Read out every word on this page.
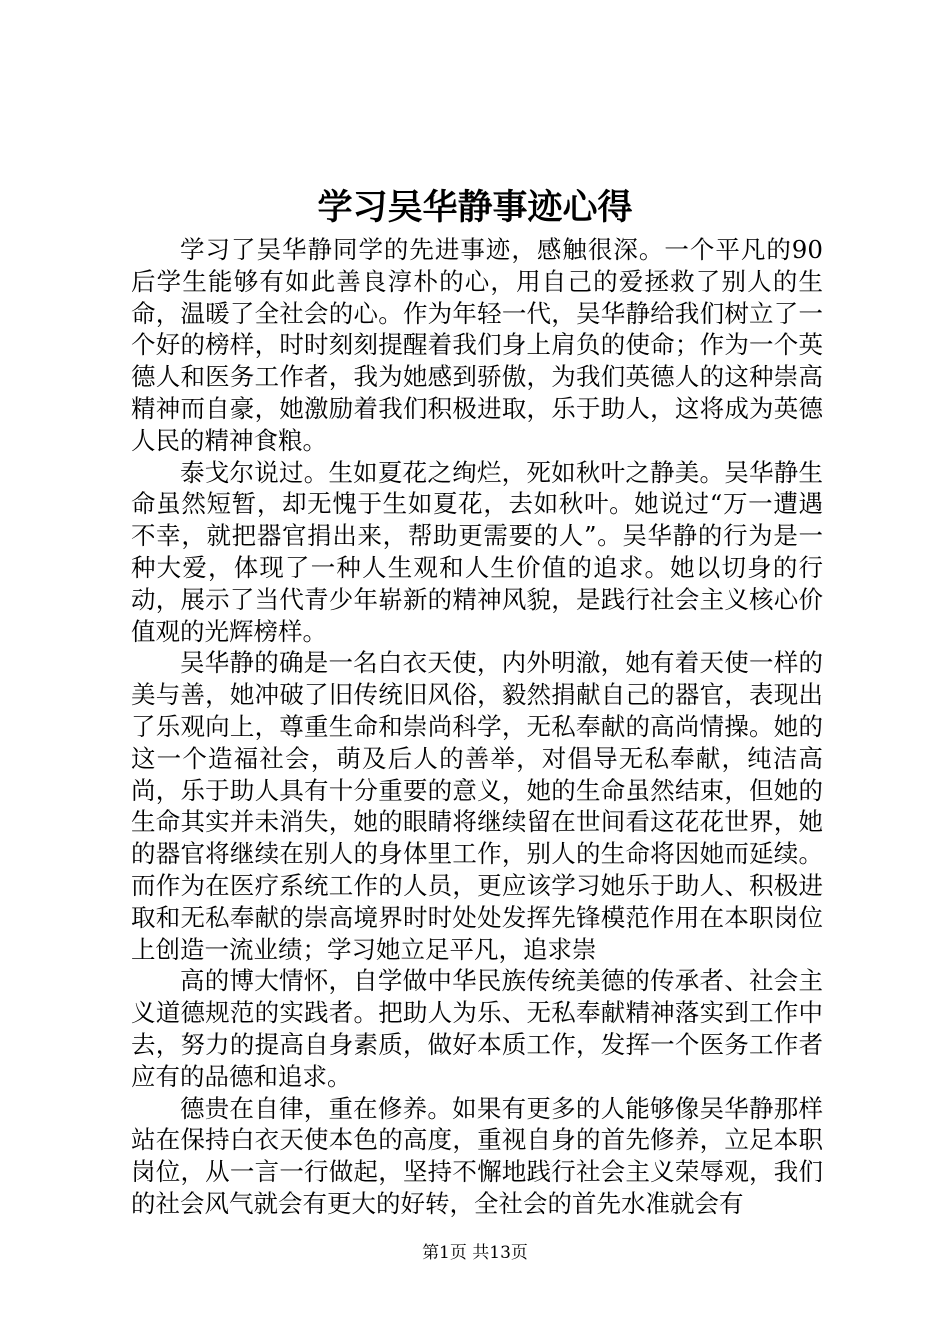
学习吴华静事迹心得

学习了吴华静同学的先进事迹，感触很深。一个平凡的90后学生能够有如此善良淳朴的心，用自己的爱拯救了别人的生命，温暖了全社会的心。作为年轻一代，吴华静给我们树立了一个好的榜样，时时刻刻提醒着我们身上肩负的使命；作为一个英德人和医务工作者，我为她感到骄傲，为我们英德人的这种崇高精神而自豪，她激励着我们积极进取，乐于助人，这将成为英德人民的精神食粮。

泰戈尔说过。生如夏花之绚烂，死如秋叶之静美。吴华静生命虽然短暂，却无愧于生如夏花，去如秋叶。她说过“万一遭遇不幸，就把器官捐出来，帮助更需要的人”。吴华静的行为是一种大爱，体现了一种人生观和人生价值的追求。她以切身的行动，展示了当代青少年崭新的精神风貌，是践行社会主义核心价值观的光辉榜样。

吴华静的确是一名白衣天使，内外明澈，她有着天使一样的美与善，她冲破了旧传统旧风俗，毅然捐献自己的器官，表现出了乐观向上，尊重生命和崇尚科学，无私奉献的高尚情操。她的这一个造福社会，萌及后人的善举，对倡导无私奉献，纯洁高尚，乐于助人具有十分重要的意义，她的生命虽然结束，但她的生命其实并未消失，她的眼睛将继续留在世间看这花花世界，她的器官将继续在别人的身体里工作，别人的生命将因她而延续。而作为在医疗系统工作的人员，更应该学习她乐于助人、积极进取和无私奉献的崇高境界时时处处发挥先锋模范作用在本职岗位上创造一流业绩；学习她立足平凡，追求崇

高的博大情怀，自学做中华民族传统美德的传承者、社会主义道德规范的实践者。把助人为乐、无私奉献精神落实到工作中去，努力的提高自身素质，做好本质工作，发挥一个医务工作者应有的品德和追求。

德贵在自律，重在修养。如果有更多的人能够像吴华静那样站在保持白衣天使本色的高度，重视自身的首先修养，立足本职岗位，从一言一行做起，坚持不懈地践行社会主义荣辱观，我们的社会风气就会有更大的好转，全社会的首先水准就会有

第1页 共13页
